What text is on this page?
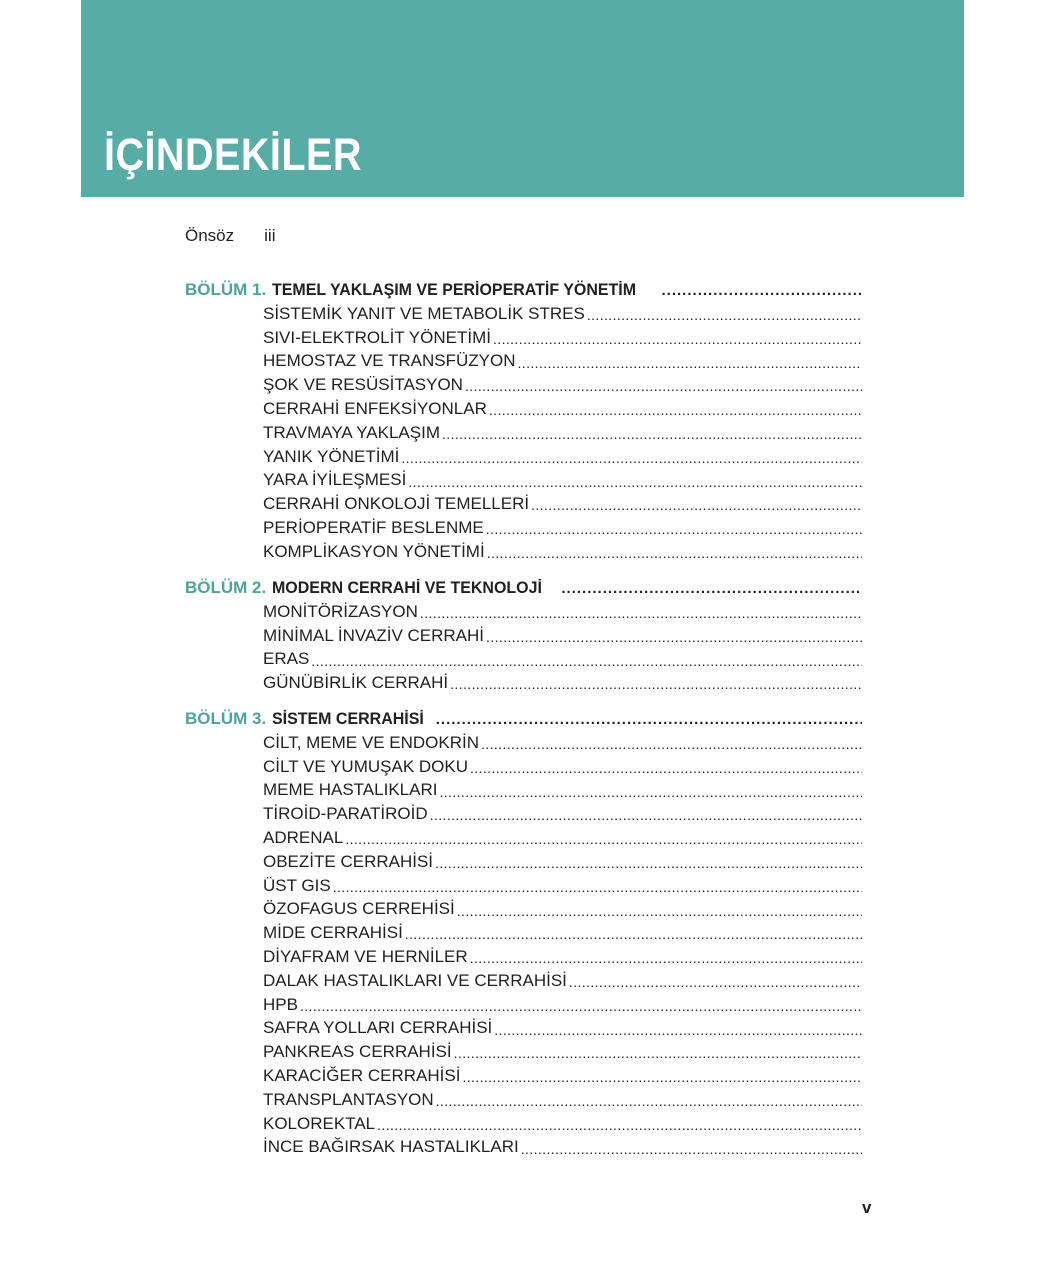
İÇİNDEKİLER
Önsöz iii
BÖLÜM 1. TEMEL YAKLAŞIM VE PERİOPERATİF YÖNETİM
.....
SİSTEMİK YANIT VE METABOLİK STRES
.....
SIVI-ELEKTROLİT YÖNETİMİ
.....
HEMOSTAZ VE TRANSFÜZYON
.....
ŞOK VE RESÜSİTASYON
.....
CERRAHİ ENFEKSİYONLAR
.....
TRAVMAYA YAKLAŞIM
.....
YANIK YÖNETİMİ
.....
YARA İYİLEŞMESİ
.....
CERRAHİ ONKOLOJİ TEMELLERİ
.....
PERİOPERATİF BESLENME
.....
KOMPLİKASYON YÖNETİMİ
.....
BÖLÜM 2. MODERN CERRAHİ VE TEKNOLOJİ
.....
MONİTÖRİZASYON
.....
MİNİMAL İNVAZİV CERRAHİ
.....
ERAS
.....
GÜNÜBİRLİK CERRAHİ
.....
BÖLÜM 3. SİSTEM CERRAHİSİ
.....
CİLT, MEME VE ENDOKRİN
.....
CİLT VE YUMUŞAK DOKU
.....
MEME HASTALIKLARI
.....
TİROİD-PARATİROİD
.....
ADRENAL
.....
OBEZİTE CERRAHİSİ
.....
ÜST GIS
.....
ÖZOFAGUS CERREHİSİ
.....
MİDE CERRAHİSİ
.....
DİYAFRAM VE HERNİLER
.....
DALAK HASTALIKLARI VE CERRAHİSİ
.....
HPB
.....
SAFRA YOLLARI CERRAHİSİ
.....
PANKREAS CERRAHİSİ
.....
KARACİĞER CERRAHİSİ
.....
TRANSPLANTASYON
.....
KOLOREKTAL
.....
İNCE BAĞIRSAK HASTALIKLARI
.....
v
